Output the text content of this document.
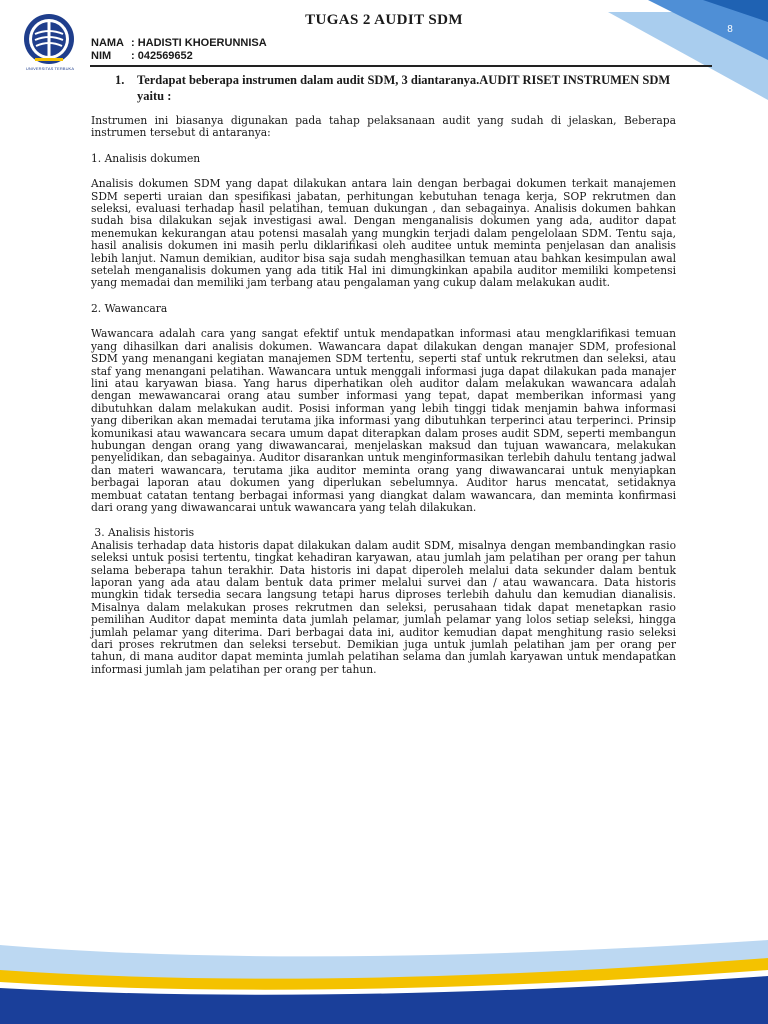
8
UNIVERSITAS TERBUKA
TUGAS 2 AUDIT SDM
NAMA : HADISTI KHOERUNNISA
NIM : 042569652
1. Terdapat beberapa instrumen dalam audit SDM, 3 diantaranya.AUDIT RISET INSTRUMEN SDM yaitu :

Instrumen ini biasanya digunakan pada tahap pelaksanaan audit yang sudah di jelaskan, Beberapa instrumen tersebut di antaranya:

1. Analisis dokumen

Analisis dokumen SDM yang dapat dilakukan antara lain dengan berbagai dokumen terkait manajemen SDM seperti uraian dan spesifikasi jabatan, perhitungan kebutuhan tenaga kerja, SOP rekrutmen dan seleksi, evaluasi terhadap hasil pelatihan, temuan dukungan , dan sebagainya. Analisis dokumen bahkan sudah bisa dilakukan sejak investigasi awal. Dengan menganalisis dokumen yang ada, auditor dapat menemukan kekurangan atau potensi masalah yang mungkin terjadi dalam pengelolaan SDM. Tentu saja, hasil analisis dokumen ini masih perlu diklarifikasi oleh auditee untuk meminta penjelasan dan analisis lebih lanjut. Namun demikian, auditor bisa saja sudah menghasilkan temuan atau bahkan kesimpulan awal setelah menganalisis dokumen yang ada titik Hal ini dimungkinkan apabila auditor memiliki kompetensi yang memadai dan memiliki jam terbang atau pengalaman yang cukup dalam melakukan audit.

2. Wawancara

Wawancara adalah cara yang sangat efektif untuk mendapatkan informasi atau mengklarifikasi temuan yang dihasilkan dari analisis dokumen. Wawancara dapat dilakukan dengan manajer SDM, profesional SDM yang menangani kegiatan manajemen SDM tertentu, seperti staf untuk rekrutmen dan seleksi, atau staf yang menangani pelatihan. Wawancara untuk menggali informasi juga dapat dilakukan pada manajer lini atau karyawan biasa. Yang harus diperhatikan oleh auditor dalam melakukan wawancara adalah dengan mewawancarai orang atau sumber informasi yang tepat, dapat memberikan informasi yang dibutuhkan dalam melakukan audit. Posisi informan yang lebih tinggi tidak menjamin bahwa informasi yang diberikan akan memadai terutama jika informasi yang dibutuhkan terperinci atau terperinci. Prinsip komunikasi atau wawancara secara umum dapat diterapkan dalam proses audit SDM, seperti membangun hubungan dengan orang yang diwawancarai, menjelaskan maksud dan tujuan wawancara, melakukan penyelidikan, dan sebagainya. Auditor disarankan untuk menginformasikan terlebih dahulu tentang jadwal dan materi wawancara, terutama jika auditor meminta orang yang diwawancarai untuk menyiapkan berbagai laporan atau dokumen yang diperlukan sebelumnya. Auditor harus mencatat, setidaknya membuat catatan tentang berbagai informasi yang diangkat dalam wawancara, dan meminta konfirmasi dari orang yang diwawancarai untuk wawancara yang telah dilakukan.

3. Analisis historis

Analisis terhadap data historis dapat dilakukan dalam audit SDM, misalnya dengan membandingkan rasio seleksi untuk posisi tertentu, tingkat kehadiran karyawan, atau jumlah jam pelatihan per orang per tahun selama beberapa tahun terakhir. Data historis ini dapat diperoleh melalui data sekunder dalam bentuk laporan yang ada atau dalam bentuk data primer melalui survei dan / atau wawancara. Data historis mungkin tidak tersedia secara langsung tetapi harus diproses terlebih dahulu dan kemudian dianalisis. Misalnya dalam melakukan proses rekrutmen dan seleksi, perusahaan tidak dapat menetapkan rasio pemilihan Auditor dapat meminta data jumlah pelamar, jumlah pelamar yang lolos setiap seleksi, hingga jumlah pelamar yang diterima. Dari berbagai data ini, auditor kemudian dapat menghitung rasio seleksi dari proses rekrutmen dan seleksi tersebut. Demikian juga untuk jumlah pelatihan jam per orang per tahun, di mana auditor dapat meminta jumlah pelatihan selama dan jumlah karyawan untuk mendapatkan informasi jumlah jam pelatihan per orang per tahun.
